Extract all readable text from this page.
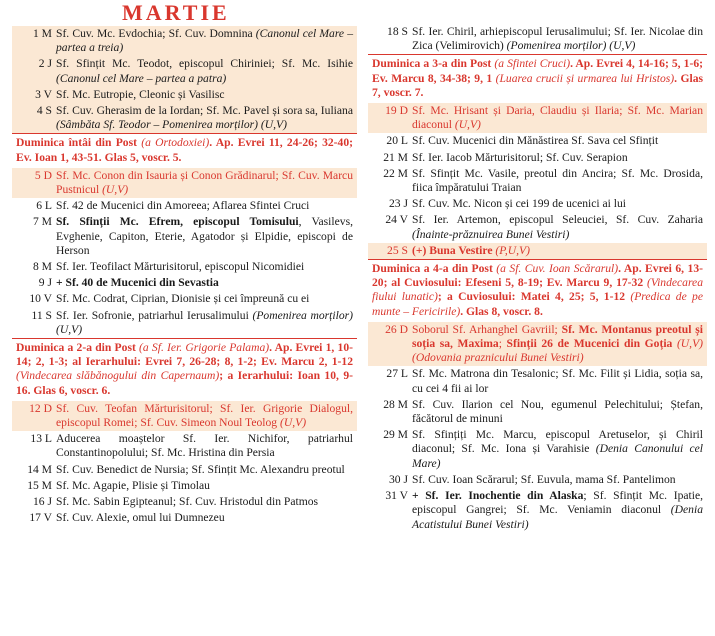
MARTIE
1 M Sf. Cuv. Mc. Evdochia; Sf. Cuv. Domnina (Canonul cel Mare – partea a treia)
2 J Sf. Sfințit Mc. Teodot, episcopul Chiriniei; Sf. Mc. Isihie (Canonul cel Mare – partea a patra)
3 V Sf. Mc. Eutropie, Cleonic și Vasilisc
4 S Sf. Cuv. Gherasim de la Iordan; Sf. Mc. Pavel și sora sa, Iuliana (Sâmbăta Sf. Teodor – Pomenirea morților) (U,V)
Duminica întâi din Post (a Ortodoxiei). Ap. Evrei 11, 24-26; 32-40; Ev. Ioan 1, 43-51. Glas 5, voscr. 5.
5 D Sf. Mc. Conon din Isauria și Conon Grădinarul; Sf. Cuv. Marcu Pustnicul (U,V)
6 L Sf. 42 de Mucenici din Amoreea; Aflarea Sfintei Cruci
7 M Sf. Sfinții Mc. Efrem, episcopul Tomisului, Vasilevs, Evghenie, Capiton, Eterie, Agatodor și Elpidie, episcopi de Herson
8 M Sf. Ier. Teofilact Mărturisitorul, episcopul Nicomidiei
9 J + Sf. 40 de Mucenici din Sevastia
10 V Sf. Mc. Codrat, Ciprian, Dionisie și cei împreună cu ei
11 S Sf. Ier. Sofronie, patriarhul Ierusalimului (Pomenirea morților) (U,V)
Duminica a 2-a din Post (a Sf. Ier. Grigorie Palama). Ap. Evrei 1, 10-14; 2, 1-3; al Ierarhului: Evrei 7, 26-28; 8, 1-2; Ev. Marcu 2, 1-12 (Vindecarea slăbănogului din Capernaum); a Ierarhului: Ioan 10, 9-16. Glas 6, voscr. 6.
12 D Sf. Cuv. Teofan Mărturisitorul; Sf. Ier. Grigorie Dialogul, episcopul Romei; Sf. Cuv. Simeon Noul Teolog (U,V)
13 L Aducerea moaștelor Sf. Ier. Nichifor, patriarhul Constantinopolului; Sf. Mc. Hristina din Persia
14 M Sf. Cuv. Benedict de Nursia; Sf. Sfințit Mc. Alexandru preotul
15 M Sf. Mc. Agapie, Plisie și Timolau
16 J Sf. Mc. Sabin Egipteanul; Sf. Cuv. Hristodul din Patmos
17 V Sf. Cuv. Alexie, omul lui Dumnezeu
18 S Sf. Ier. Chiril, arhiepiscopul Ierusalimului; Sf. Ier. Nicolae din Zica (Velimirovich) (Pomenirea morților) (U,V)
Duminica a 3-a din Post (a Sfintei Cruci). Ap. Evrei 4, 14-16; 5, 1-6; Ev. Marcu 8, 34-38; 9, 1 (Luarea crucii și urmarea lui Hristos). Glas 7, voscr. 7.
19 D Sf. Mc. Hrisant și Daria, Claudiu și Ilaria; Sf. Mc. Marian diaconul (U,V)
20 L Sf. Cuv. Mucenici din Mănăstirea Sf. Sava cel Sfințit
21 M Sf. Ier. Iacob Mărturisitorul; Sf. Cuv. Serapion
22 M Sf. Sfințit Mc. Vasile, preotul din Ancira; Sf. Mc. Drosida, fiica împăratului Traian
23 J Sf. Cuv. Mc. Nicon și cei 199 de ucenici ai lui
24 V Sf. Ier. Artemon, episcopul Seleuciei, Sf. Cuv. Zaharia (Înainte-prăznuirea Bunei Vestiri)
25 S (+) Buna Vestire (P,U,V)
Duminica a 4-a din Post (a Sf. Cuv. Ioan Scărarul). Ap. Evrei 6, 13-20; al Cuviosului: Efeseni 5, 8-19; Ev. Marcu 9, 17-32 (Vindecarea fiului lunatic); a Cuviosului: Matei 4, 25; 5, 1-12 (Predica de pe munte – Fericirile). Glas 8, voscr. 8.
26 D Soborul Sf. Arhanghel Gavriil; Sf. Mc. Montanus preotul și soția sa, Maxima; Sfinții 26 de Mucenici din Goția (U,V) (Odovania praznicului Bunei Vestiri)
27 L Sf. Mc. Matrona din Tesalonic; Sf. Mc. Filit și Lidia, soția sa, cu cei 4 fii ai lor
28 M Sf. Cuv. Ilarion cel Nou, egumenul Pelechitului; Ștefan, făcătorul de minuni
29 M Sf. Sfințiți Mc. Marcu, episcopul Aretuselor, și Chiril diaconul; Sf. Mc. Iona și Varahisie (Denia Canonului cel Mare)
30 J Sf. Cuv. Ioan Scărarul; Sf. Euvula, mama Sf. Pantelimon
31 V + Sf. Ier. Inochentie din Alaska; Sf. Sfințit Mc. Ipatie, episcopul Gangrei; Sf. Mc. Veniamin diaconul (Denia Acatistului Bunei Vestiri)
